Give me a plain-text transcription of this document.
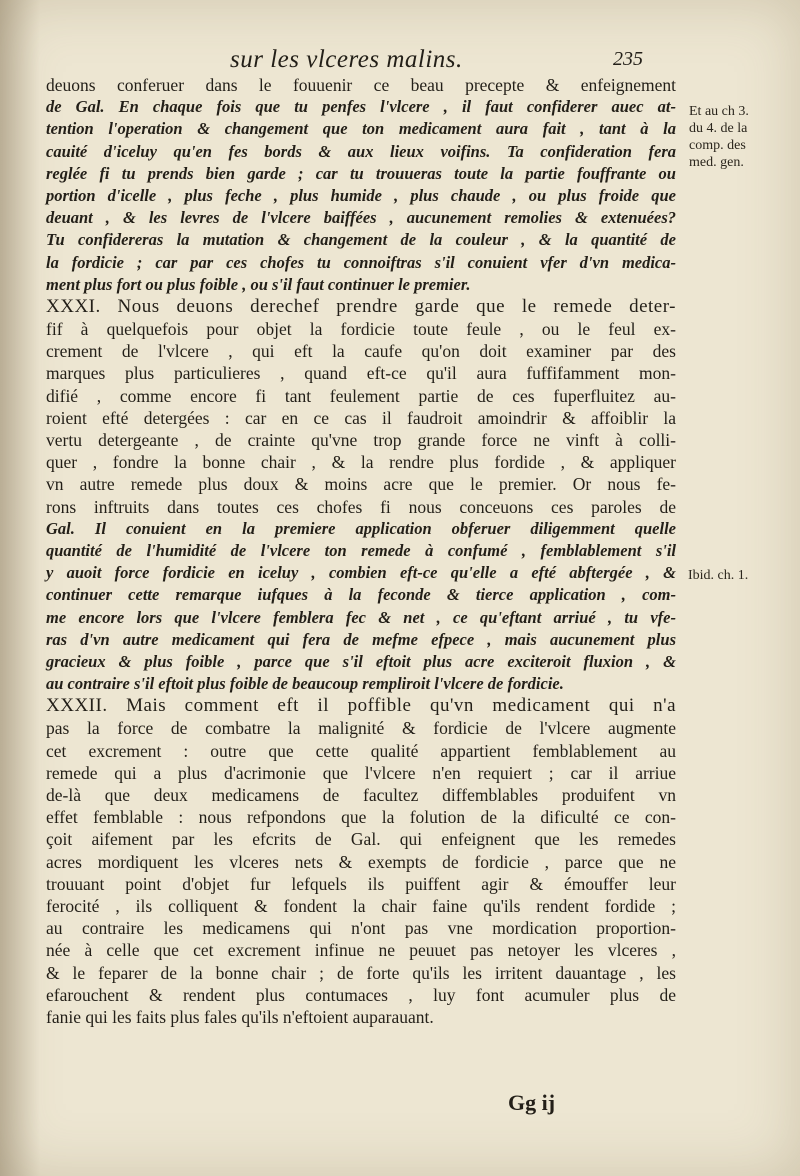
sur les vlceres malins.	235
Et au ch 3.
du 4. de la
comp. des
med. gen.
Ibid. ch. 1.
deuons conferuer dans le fouuenir ce beau precepte & enfeignement
de Gal. En chaque fois que tu penfes l'vlcere , il faut confiderer auec at-
tention l'operation & changement que ton medicament aura fait , tant à la
cauité d'iceluy qu'en fes bords & aux lieux voifins. Ta confideration fera
reglée fi tu prends bien garde ; car tu trouueras toute la partie fouffrante ou
portion d'icelle , plus feche , plus humide , plus chaude , ou plus froide que
deuant , & les levres de l'vlcere baiffées , aucunement remolies & extenuées?
Tu confidereras la mutation & changement de la couleur , & la quantité de
la fordicie ; car par ces chofes tu connoiftras s'il conuient vfer d'vn medica-
ment plus fort ou plus foible , ou s'il faut continuer le premier.
XXXI. Nous deuons derechef prendre garde que le remede deter-
fif à quelquefois pour objet la fordicie toute feule , ou le feul ex-
crement de l'vlcere , qui eft la caufe qu'on doit examiner par des
marques plus particulieres , quand eft-ce qu'il aura fuffifamment mon-
difié , comme encore fi tant feulement partie de ces fuperfluitez au-
roient efté detergées : car en ce cas il faudroit amoindrir & affoiblir la
vertu detergeante , de crainte qu'vne trop grande force ne vinft à colli-
quer , fondre la bonne chair , & la rendre plus fordide , & appliquer
vn autre remede plus doux & moins acre que le premier. Or nous fe-
rons inftruits dans toutes ces chofes fi nous conceuons ces paroles de
Gal. Il conuient en la premiere application obferuer diligemment quelle
quantité de l'humidité de l'vlcere ton remede à confumé , femblablement s'il
y auoit force fordicie en iceluy , combien eft-ce qu'elle a efté abftergée , &
continuer cette remarque iufques à la feconde & tierce application , com-
me encore lors que l'vlcere femblera fec & net , ce qu'eftant arriué , tu vfe-
ras d'vn autre medicament qui fera de mefme efpece , mais aucunement plus
gracieux & plus foible , parce que s'il eftoit plus acre exciteroit fluxion , &
au contraire s'il eftoit plus foible de beaucoup rempliroit l'vlcere de fordicie.
XXXII. Mais comment eft il poffible qu'vn medicament qui n'a
pas la force de combatre la malignité & fordicie de l'vlcere augmente
cet excrement : outre que cette qualité appartient femblablement au
remede qui a plus d'acrimonie que l'vlcere n'en requiert ; car il arriue
de-là que deux medicamens de facultez diffemblables produifent vn
effet femblable : nous refpondons que la folution de la dificulté ce con-
çoit aifement par les efcrits de Gal. qui enfeignent que les remedes
acres mordiquent les vlceres nets & exempts de fordicie , parce que ne
trouuant point d'objet fur lefquels ils puiffent agir & émouffer leur
ferocité , ils colliquent & fondent la chair faine qu'ils rendent fordide ;
au contraire les medicamens qui n'ont pas vne mordication proportion-
née à celle que cet excrement infinue ne peuuet pas netoyer les vlceres ,
& le feparer de la bonne chair ; de forte qu'ils les irritent dauantage , les
efarouchent & rendent plus contumaces , luy font acumuler plus de
fanie qui les faits plus fales qu'ils n'eftoient auparauant.
Gg ij
